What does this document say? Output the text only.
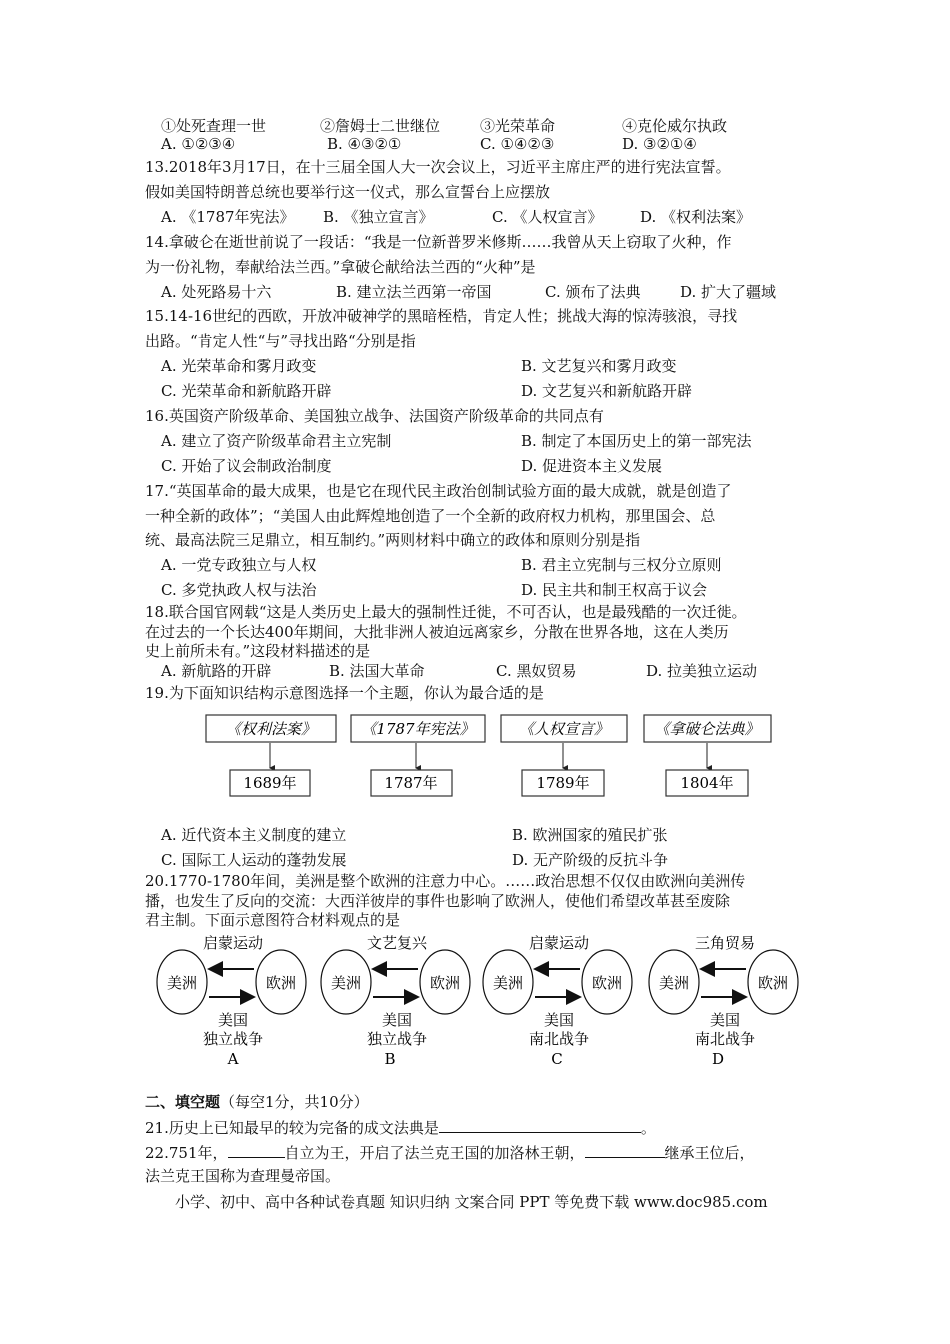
①处死查理一世	②詹姆士二世继位	③光荣革命	④克伦威尔执政
A. ①②③④	B. ④③②①	C. ①④②③	D. ③②①④
13.2018年3月17日，在十三届全国人大一次会议上，习近平主席庄严的进行宪法宣誓。
假如美国特朗普总统也要举行这一仪式，那么宣誓台上应摆放
A. 《1787年宪法》 B. 《独立宣言》	C. 《人权宣言》	D. 《权利法案》
14.拿破仑在逝世前说了一段话：“我是一位新普罗米修斯……我曾从天上窃取了火种，作
为一份礼物，奉献给法兰西。”拿破仑献给法兰西的“火种”是
A. 处死路易十六	B. 建立法兰西第一帝国	C. 颁布了法典	D. 扩大了疆域
15.14-16世纪的西欧，开放冲破神学的黑暗桎梏，肯定人性；挑战大海的惊涛骇浪，寻找
出路。“肯定人性“与”寻找出路“分别是指
A. 光荣革命和雾月政变	B. 文艺复兴和雾月政变
C. 光荣革命和新航路开辟	D. 文艺复兴和新航路开辟
16.英国资产阶级革命、美国独立战争、法国资产阶级革命的共同点有
A. 建立了资产阶级革命君主立宪制	B. 制定了本国历史上的第一部宪法
C. 开始了议会制政治制度	D. 促进资本主义发展
17.“英国革命的最大成果，也是它在现代民主政治创制试验方面的最大成就，就是创造了
一种全新的政体”；“美国人由此辉煌地创造了一个全新的政府权力机构，那里国会、总
统、最高法院三足鼎立，相互制约。”两则材料中确立的政体和原则分别是指
A. 一党专政独立与人权	B. 君主立宪制与三权分立原则
C. 多党执政人权与法治	D. 民主共和制王权高于议会
18.联合国官网载“这是人类历史上最大的强制性迁徙，不可否认，也是最残酷的一次迁徙。
在过去的一个长达400年期间，大批非洲人被迫远离家乡，分散在世界各地，这在人类历
史上前所未有。”这段材料描述的是
A. 新航路的开辟	B. 法国大革命	C. 黑奴贸易	D. 拉美独立运动
19.为下面知识结构示意图选择一个主题，你认为最合适的是
《权利法案》	《1787年宪法》	《人权宣言》	《拿破仑法典》
1689年	1787年	1789年	1804年
A. 近代资本主义制度的建立	B. 欧洲国家的殖民扩张
C. 国际工人运动的蓬勃发展	D. 无产阶级的反抗斗争
20.1770-1780年间，美洲是整个欧洲的注意力中心。……政治思想不仅仅由欧洲向美洲传
播，也发生了反向的交流：大西洋彼岸的事件也影响了欧洲人，使他们希望改革甚至废除
君主制。下面示意图符合材料观点的是
启蒙运动
美洲	欧洲
美国
独立战争
A
文艺复兴
美洲	欧洲
美国
独立战争
B
启蒙运动
美洲	欧洲
美国
南北战争
C
三角贸易
美洲	欧洲
美国
南北战争
D
二、填空题（每空1分，共10分）
21.历史上已知最早的较为完备的成文法典是	。
22.751年，	自立为王，开启了法兰克王国的加洛林王朝，	继承王位后，
法兰克王国称为查理曼帝国。
小学、初中、高中各种试卷真题 知识归纳 文案合同 PPT 等免费下载 www.doc985.com
